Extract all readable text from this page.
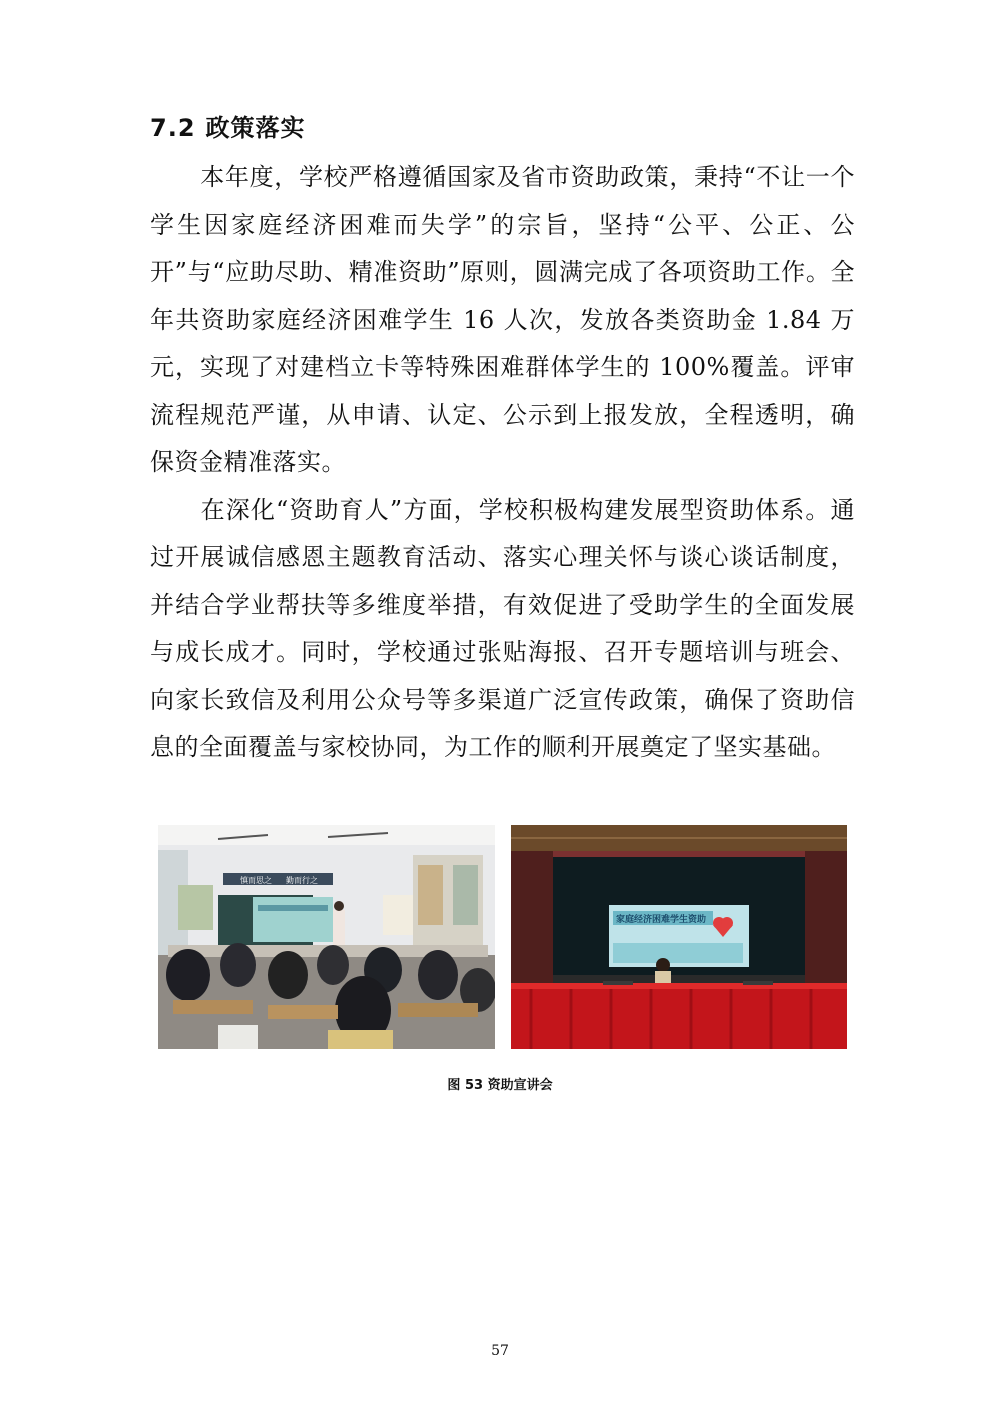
7.2 政策落实

本年度，学校严格遵循国家及省市资助政策，秉持“不让一个学生因家庭经济困难而失学”的宗旨，坚持“公平、公正、公开”与“应助尽助、精准资助”原则，圆满完成了各项资助工作。全年共资助家庭经济困难学生 16 人次，发放各类资助金 1.84 万元，实现了对建档立卡等特殊困难群体学生的 100%覆盖。评审流程规范严谨，从申请、认定、公示到上报发放，全程透明，确保资金精准落实。

在深化“资助育人”方面，学校积极构建发展型资助体系。通过开展诚信感恩主题教育活动、落实心理关怀与谈心谈话制度，并结合学业帮扶等多维度举措，有效促进了受助学生的全面发展与成长成才。同时，学校通过张贴海报、召开专题培训与班会、向家长致信及利用公众号等多渠道广泛宣传政策，确保了资助信息的全面覆盖与家校协同，为工作的顺利开展奠定了坚实基础。

慎而思之 勤而行之
家庭经济困难学生资助
图 53 资助宣讲会
57
